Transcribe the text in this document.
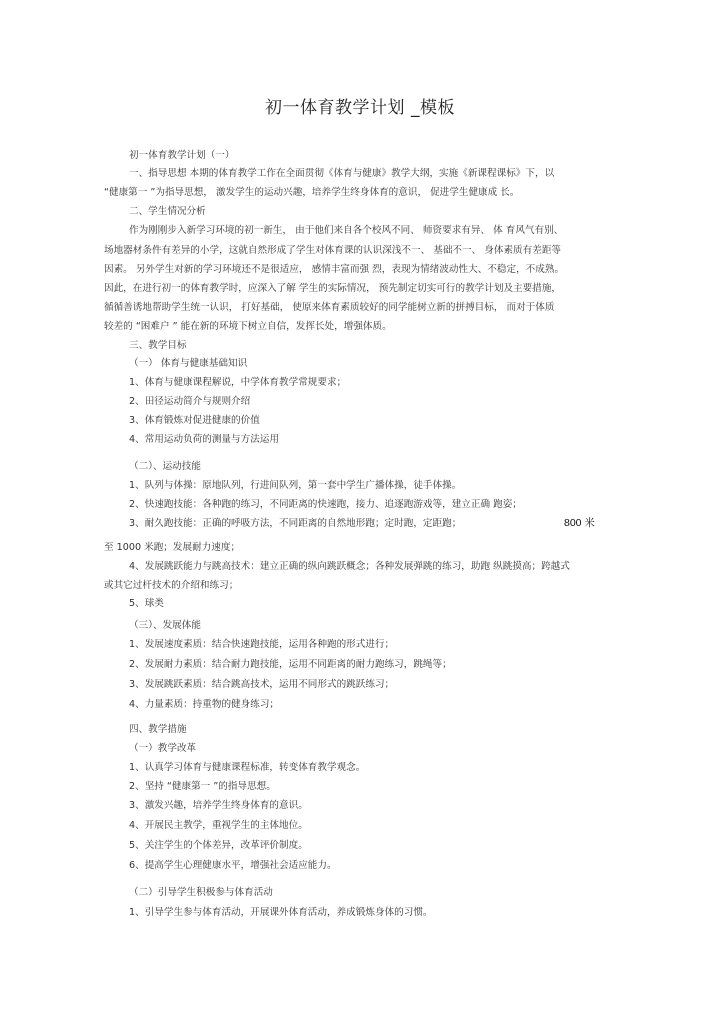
初一体育教学计划 _模板
初一体育教学计划（一）
一、指导思想 本期的体育教学工作在全面贯彻《体育与健康》教学大纲，实施《新课程课标》下，以
“健康第一 ”为指导思想， 激发学生的运动兴趣，培养学生终身体育的意识， 促进学生健康成 长。
二、学生情况分析
作为刚刚步入新学习环境的初一新生， 由于他们来自各个校风不同、 师资要求有异、 体 育风气有别、
场地器材条件有差异的小学，这就自然形成了学生对体育课的认识深浅不一、 基础不一、 身体素质有差距等
因素。 另外学生对新的学习环境还不是很适应， 感情丰富而强 烈，表现为情绪波动性大、不稳定，不成熟。
因此，在进行初一的体育教学时，应深入了解 学生的实际情况， 预先制定切实可行的教学计划及主要措施，
循循善诱地帮助学生统一认识， 打好基础， 使原来体育素质较好的同学能树立新的拼搏目标， 而对于体质
较差的 “困难户 ” 能在新的环境下树立自信，发挥长处，增强体质。
三、教学目标
（一） 体育与健康基础知识
1、体育与健康课程解说，中学体育教学常规要求；
2、田径运动简介与规则介绍
3、体育锻炼对促进健康的价值
4、常用运动负荷的测量与方法运用
（二）、运动技能
1、队列与体操：原地队列，行进间队列，第一套中学生广播体操，徒手体操。
2、快速跑技能：各种跑的练习，不同距离的快速跑，接力、追逐跑游戏等，建立正确 跑姿；
3、耐久跑技能：正确的呼吸方法，不同距离的自然地形跑；定时跑，定距跑；	800 米
至 1000 米跑；发展耐力速度；
4、发展跳跃能力与跳高技术：建立正确的纵向跳跃概念；各种发展弹跳的练习，助跑 纵跳摸高；跨越式
或其它过杆技术的介绍和练习；
5、球类
（三）、发展体能
1、发展速度素质：结合快速跑技能，运用各种跑的形式进行；
2、发展耐力素质：结合耐力跑技能，运用不同距离的耐力跑练习，跳绳等；
3、发展跳跃素质：结合跳高技术，运用不同形式的跳跃练习；
4、力量素质：持重物的健身练习；
四、教学措施
（一）教学改革
1、认真学习体育与健康课程标准，转变体育教学观念。
2、坚持 “健康第一 ”的指导思想。
3、激发兴趣，培养学生终身体育的意识。
4、开展民主教学，重视学生的主体地位。
5、关注学生的个体差异，改革评价制度。
6、提高学生心理健康水平，增强社会适应能力。
（二）引导学生积极参与体育活动
1、引导学生参与体育活动，开展课外体育活动，养成锻炼身体的习惯。
